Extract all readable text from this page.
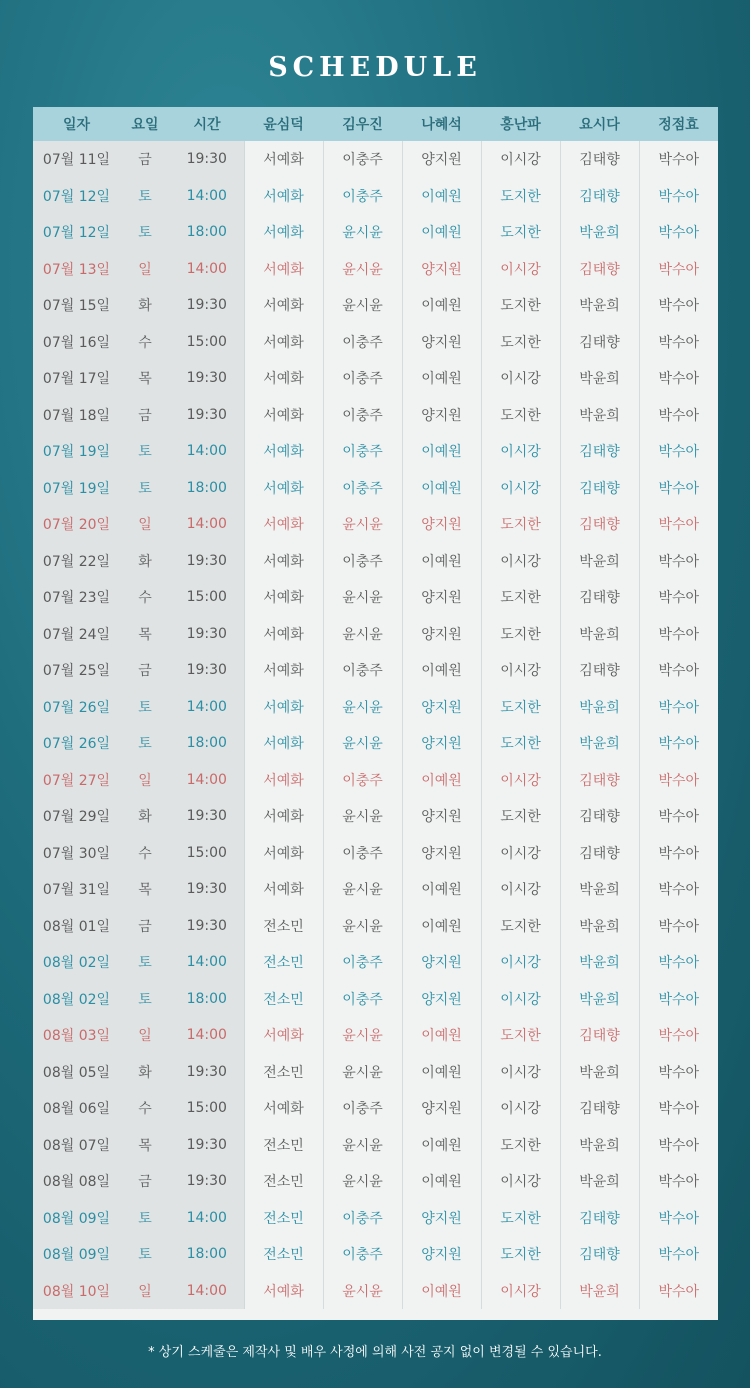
SCHEDULE
일자	요일	시간	윤심덕	김우진	나혜석	홍난파	요시다	정점효
07월 11일	금	19:30	서예화	이충주	양지원	이시강	김태향	박수아
07월 12일	토	14:00	서예화	이충주	이예원	도지한	김태향	박수아
07월 12일	토	18:00	서예화	윤시윤	이예원	도지한	박윤희	박수아
07월 13일	일	14:00	서예화	윤시윤	양지원	이시강	김태향	박수아
07월 15일	화	19:30	서예화	윤시윤	이예원	도지한	박윤희	박수아
07월 16일	수	15:00	서예화	이충주	양지원	도지한	김태향	박수아
07월 17일	목	19:30	서예화	이충주	이예원	이시강	박윤희	박수아
07월 18일	금	19:30	서예화	이충주	양지원	도지한	박윤희	박수아
07월 19일	토	14:00	서예화	이충주	이예원	이시강	김태향	박수아
07월 19일	토	18:00	서예화	이충주	이예원	이시강	김태향	박수아
07월 20일	일	14:00	서예화	윤시윤	양지원	도지한	김태향	박수아
07월 22일	화	19:30	서예화	이충주	이예원	이시강	박윤희	박수아
07월 23일	수	15:00	서예화	윤시윤	양지원	도지한	김태향	박수아
07월 24일	목	19:30	서예화	윤시윤	양지원	도지한	박윤희	박수아
07월 25일	금	19:30	서예화	이충주	이예원	이시강	김태향	박수아
07월 26일	토	14:00	서예화	윤시윤	양지원	도지한	박윤희	박수아
07월 26일	토	18:00	서예화	윤시윤	양지원	도지한	박윤희	박수아
07월 27일	일	14:00	서예화	이충주	이예원	이시강	김태향	박수아
07월 29일	화	19:30	서예화	윤시윤	양지원	도지한	김태향	박수아
07월 30일	수	15:00	서예화	이충주	양지원	이시강	김태향	박수아
07월 31일	목	19:30	서예화	윤시윤	이예원	이시강	박윤희	박수아
08월 01일	금	19:30	전소민	윤시윤	이예원	도지한	박윤희	박수아
08월 02일	토	14:00	전소민	이충주	양지원	이시강	박윤희	박수아
08월 02일	토	18:00	전소민	이충주	양지원	이시강	박윤희	박수아
08월 03일	일	14:00	서예화	윤시윤	이예원	도지한	김태향	박수아
08월 05일	화	19:30	전소민	윤시윤	이예원	이시강	박윤희	박수아
08월 06일	수	15:00	서예화	이충주	양지원	이시강	김태향	박수아
08월 07일	목	19:30	전소민	윤시윤	이예원	도지한	박윤희	박수아
08월 08일	금	19:30	전소민	윤시윤	이예원	이시강	박윤희	박수아
08월 09일	토	14:00	전소민	이충주	양지원	도지한	김태향	박수아
08월 09일	토	18:00	전소민	이충주	양지원	도지한	김태향	박수아
08월 10일	일	14:00	서예화	윤시윤	이예원	이시강	박윤희	박수아
* 상기 스케줄은 제작사 및 배우 사정에 의해 사전 공지 없이 변경될 수 있습니다.
